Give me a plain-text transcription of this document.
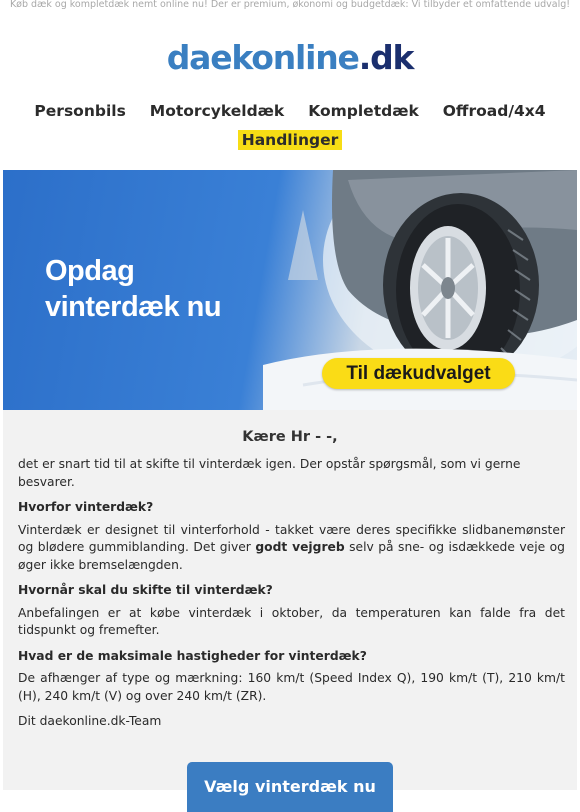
Køb dæk og kompletdæk nemt online nu! Der er premium, økonomi og budgetdæk: Vi tilbyder et omfattende udvalg!
daekonline.dk
Personbils Motorcykeldæk Kompletdæk Offroad/4x4
Handlinger
Opdag
vinterdæk nu
Til dækudvalget
Kære Hr - -,

det er snart tid til at skifte til vinterdæk igen. Der opstår spørgsmål, som vi gerne besvarer.

Hvorfor vinterdæk?

Vinterdæk er designet til vinterforhold - takket være deres specifikke slidbanemønster og blødere gummiblanding. Det giver godt vejgreb selv på sne- og isdækkede veje og øger ikke bremselængden.

Hvornår skal du skifte til vinterdæk?

Anbefalingen er at købe vinterdæk i oktober, da temperaturen kan falde fra det tidspunkt og fremefter.

Hvad er de maksimale hastigheder for vinterdæk?

De afhænger af type og mærkning: 160 km/t (Speed Index Q), 190 km/t (T), 210 km/t (H), 240 km/t (V) og over 240 km/t (ZR).

Dit daekonline.dk-Team

Vælg vinterdæk nu
